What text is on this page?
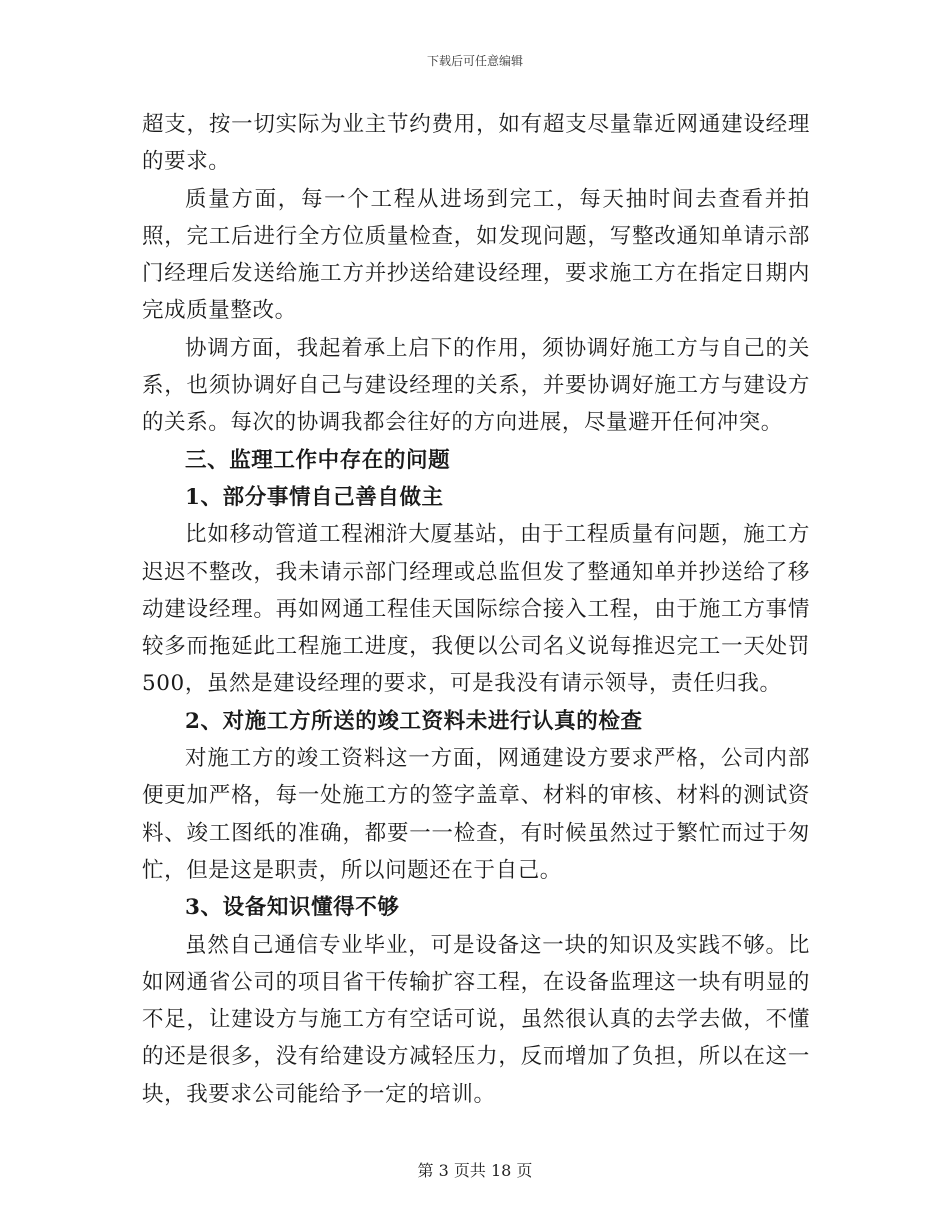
下载后可任意编辑

超支，按一切实际为业主节约费用，如有超支尽量靠近网通建设经理的要求。

质量方面，每一个工程从进场到完工，每天抽时间去查看并拍照，完工后进行全方位质量检查，如发现问题，写整改通知单请示部门经理后发送给施工方并抄送给建设经理，要求施工方在指定日期内完成质量整改。

协调方面，我起着承上启下的作用，须协调好施工方与自己的关系，也须协调好自己与建设经理的关系，并要协调好施工方与建设方的关系。每次的协调我都会往好的方向进展，尽量避开任何冲突。

三、监理工作中存在的问题

1、部分事情自己善自做主

比如移动管道工程湘浒大厦基站，由于工程质量有问题，施工方迟迟不整改，我未请示部门经理或总监但发了整通知单并抄送给了移动建设经理。再如网通工程佳天国际综合接入工程，由于施工方事情较多而拖延此工程施工进度，我便以公司名义说每推迟完工一天处罚500，虽然是建设经理的要求，可是我没有请示领导，责任归我。

2、对施工方所送的竣工资料未进行认真的检查

对施工方的竣工资料这一方面，网通建设方要求严格，公司内部便更加严格，每一处施工方的签字盖章、材料的审核、材料的测试资料、竣工图纸的准确，都要一一检查，有时候虽然过于繁忙而过于匆忙，但是这是职责，所以问题还在于自己。

3、设备知识懂得不够

虽然自己通信专业毕业，可是设备这一块的知识及实践不够。比如网通省公司的项目省干传输扩容工程，在设备监理这一块有明显的不足，让建设方与施工方有空话可说，虽然很认真的去学去做，不懂的还是很多，没有给建设方减轻压力，反而增加了负担，所以在这一块，我要求公司能给予一定的培训。

第 3 页共 18 页
